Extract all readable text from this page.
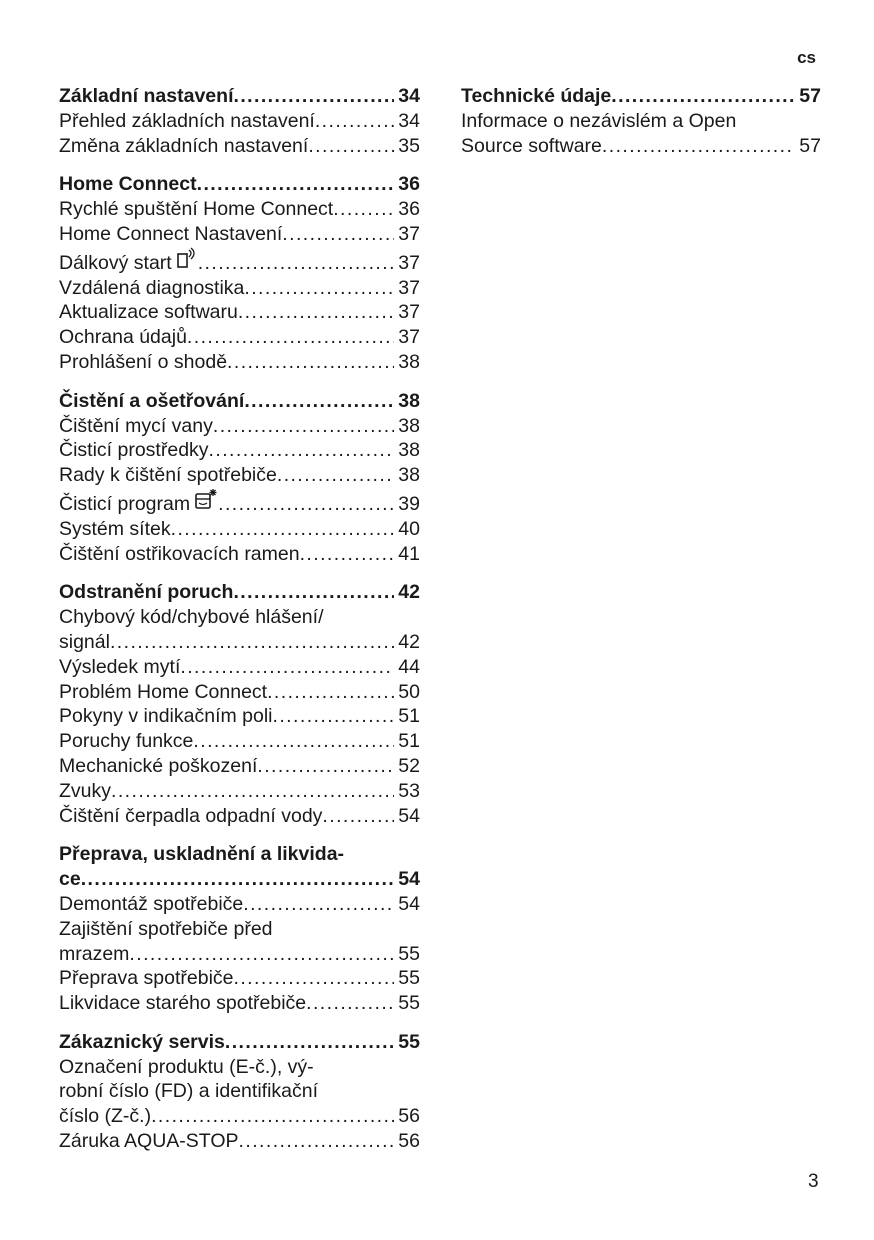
cs
Základní nastavení . . .	34
Přehled základních nastavení . . .	34
Změna základních nastavení . . .	35
Home Connect . . .	36
Rychlé spuštění Home Connect . . .	36
Home Connect Nastavení . . .	37
Dálkový start . . .	37
Vzdálená diagnostika . . .	37
Aktualizace softwaru . . .	37
Ochrana údajů . . .	37
Prohlášení o shodě . . .	38
Čistění a ošetřování . . .	38
Čištění mycí vany . . .	38
Čisticí prostředky . . .	38
Rady k čištění spotřebiče . . .	38
Čisticí program . . .	39
Systém sítek . . .	40
Čištění ostřikovacích ramen . . .	41
Odstranění poruch . . .	42
Chybový kód/chybové hlášení/
signál . . .	42
Výsledek mytí . . .	44
Problém Home Connect . . .	50
Pokyny v indikačním poli . . .	51
Poruchy funkce . . .	51
Mechanické poškození . . .	52
Zvuky . . .	53
Čištění čerpadla odpadní vody . . .	54
Přeprava, uskladnění a likvida-
ce . . .	54
Demontáž spotřebiče . . .	54
Zajištění spotřebiče před
mrazem . . .	55
Přeprava spotřebiče . . .	55
Likvidace starého spotřebiče . . .	55
Zákaznický servis . . .	55
Označení produktu (E-č.), vý-
robní číslo (FD) a identifikační
číslo (Z-č.) . . .	56
Záruka AQUA-STOP . . .	56
Technické údaje . . .	57
Informace o nezávislém a Open
Source software . . .	57
3
